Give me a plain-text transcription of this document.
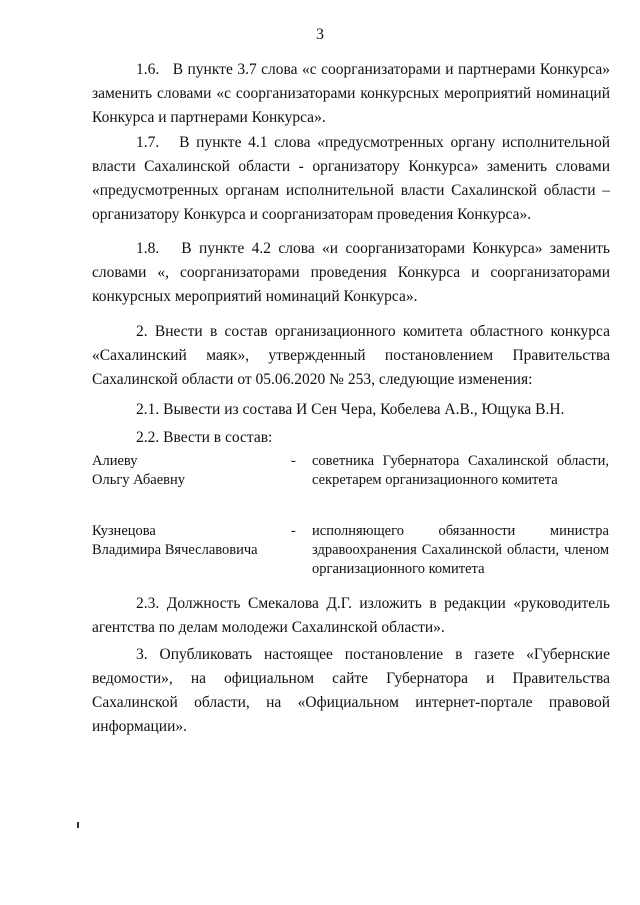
3
1.6.   В пункте 3.7 слова «с соорганизаторами и партнерами Конкурса» заменить словами «с соорганизаторами конкурсных мероприятий номинаций Конкурса и партнерами Конкурса».
1.7.   В пункте 4.1 слова «предусмотренных органу исполнительной власти Сахалинской области - организатору Конкурса» заменить словами «предусмотренных органам исполнительной власти Сахалинской области – организатору Конкурса и соорганизаторам проведения Конкурса».
1.8.   В пункте 4.2 слова «и соорганизаторами Конкурса» заменить словами «, соорганизаторами проведения Конкурса и соорганизаторами конкурсных мероприятий номинаций Конкурса».
2. Внести в состав организационного комитета областного конкурса «Сахалинский маяк», утвержденный постановлением Правительства Сахалинской области от 05.06.2020 № 253, следующие изменения:
2.1. Вывести из состава И Сен Чера, Кобелева А.В., Ющука В.Н.
2.2. Ввести в состав:
Алиеву
Ольгу Абаевну
-	советника Губернатора Сахалинской области, секретарем организационного комитета
Кузнецова
Владимира Вячеславовича
-	исполняющего обязанности министра здравоохранения Сахалинской области, членом организационного комитета
2.3. Должность Смекалова Д.Г. изложить в редакции «руководитель агентства по делам молодежи Сахалинской области».
3. Опубликовать настоящее постановление в газете «Губернские ведомости», на официальном сайте Губернатора и Правительства Сахалинской области, на «Официальном интернет-портале правовой информации».
